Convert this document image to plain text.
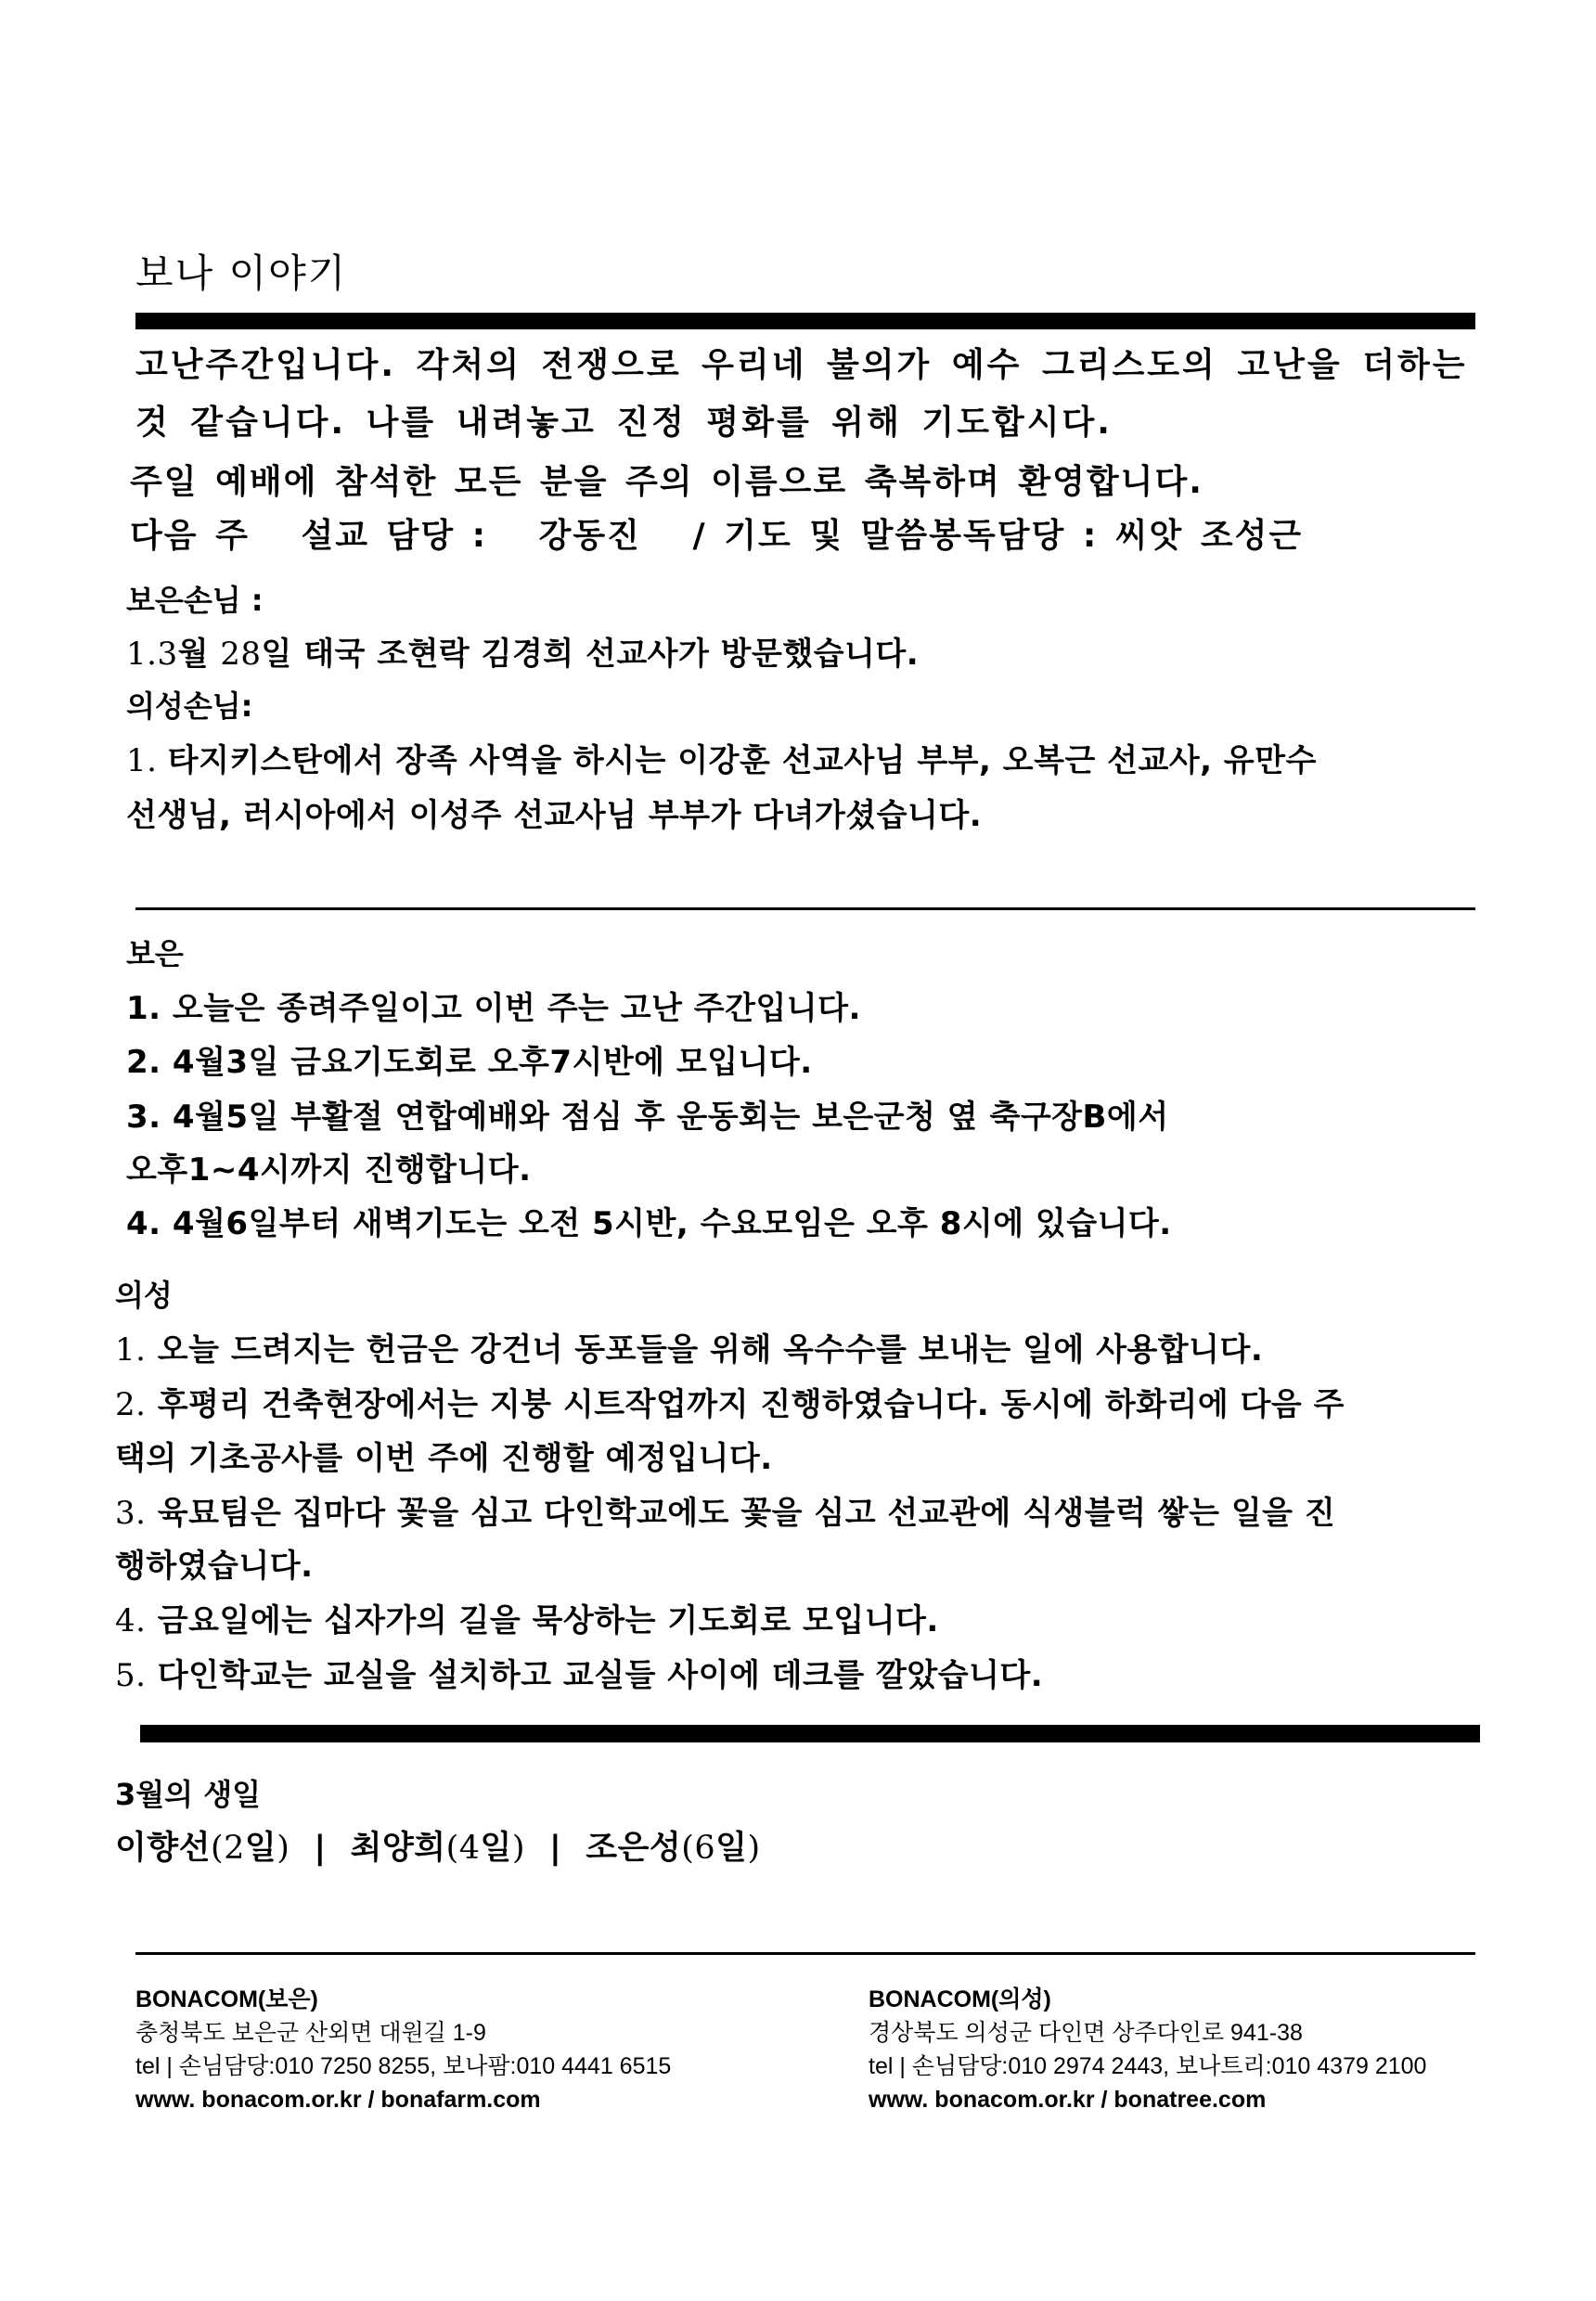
보나 이야기
고난주간입니다. 각처의 전쟁으로 우리네 불의가 예수 그리스도의 고난을 더하는
것 같습니다. 나를 내려놓고 진정 평화를 위해 기도합시다.
주일 예배에 참석한 모든 분을 주의 이름으로 축복하며 환영합니다.
다음 주   설교 담당 :   강동진   / 기도 및 말씀봉독담당 : 씨앗 조성근
보은손님 :
1.3월 28일 태국 조현락 김경희 선교사가 방문했습니다.
의성손님:
1. 타지키스탄에서 장족 사역을 하시는 이강훈 선교사님 부부, 오복근 선교사, 유만수
선생님, 러시아에서 이성주 선교사님 부부가 다녀가셨습니다.
보은
1. 오늘은 종려주일이고 이번 주는 고난 주간입니다.
2. 4월3일 금요기도회로 오후7시반에 모입니다.
3. 4월5일 부활절 연합예배와 점심 후 운동회는 보은군청 옆 축구장B에서
오후1~4시까지 진행합니다.
4. 4월6일부터 새벽기도는 오전 5시반, 수요모임은 오후 8시에 있습니다.
의성
1. 오늘 드려지는 헌금은 강건너 동포들을 위해 옥수수를 보내는 일에 사용합니다.
2. 후평리 건축현장에서는 지붕 시트작업까지 진행하였습니다. 동시에 하화리에 다음 주
택의 기초공사를 이번 주에 진행할 예정입니다.
3. 육묘팀은 집마다 꽃을 심고 다인학교에도 꽃을 심고 선교관에 식생블럭 쌓는 일을 진
행하였습니다.
4. 금요일에는 십자가의 길을 묵상하는 기도회로 모입니다.
5. 다인학교는 교실을 설치하고 교실들 사이에 데크를 깔았습니다.
3월의 생일
이향선(2일) | 최양희(4일) | 조은성(6일)
BONACOM(보은)
충청북도 보은군 산외면 대원길 1-9
tel | 손님담당:010 7250 8255, 보나팜:010 4441 6515
www. bonacom.or.kr / bonafarm.com
BONACOM(의성)
경상북도 의성군 다인면 상주다인로 941-38
tel | 손님담당:010 2974 2443, 보나트리:010 4379 2100
www. bonacom.or.kr / bonatree.com
